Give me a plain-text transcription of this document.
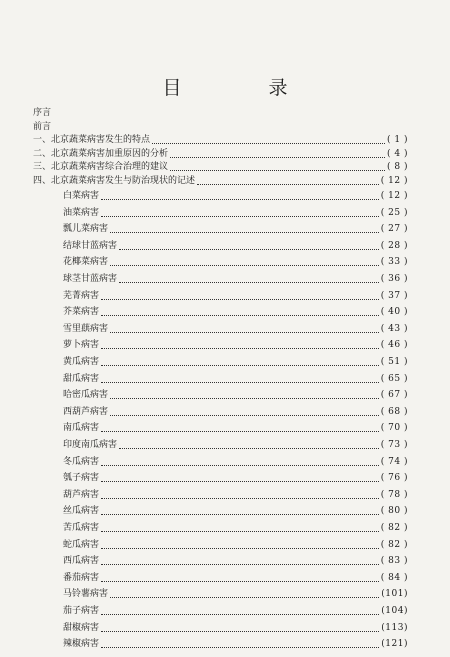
目　录
序言
前言
一、 北京蔬菜病害发生的特点	( 1 )
二、 北京蔬菜病害加重原因的分析	( 4 )
三、 北京蔬菜病害综合治理的建议	( 8 )
四、 北京蔬菜病害发生与防治现状的记述	( 12 )
白菜病害	( 12 )
油菜病害	( 25 )
瓢儿菜病害	( 27 )
结球甘蓝病害	( 28 )
花椰菜病害	( 33 )
球茎甘蓝病害	( 36 )
芜菁病害	( 37 )
芥菜病害	( 40 )
雪里蕻病害	( 43 )
萝卜病害	( 46 )
黄瓜病害	( 51 )
甜瓜病害	( 65 )
哈密瓜病害	( 67 )
西葫芦病害	( 68 )
南瓜病害	( 70 )
印度南瓜病害	( 73 )
冬瓜病害	( 74 )
瓠子病害	( 76 )
葫芦病害	( 78 )
丝瓜病害	( 80 )
苦瓜病害	( 82 )
蛇瓜病害	( 82 )
西瓜病害	( 83 )
番茄病害	( 84 )
马铃薯病害	(101)
茄子病害	(104)
甜椒病害	(113)
辣椒病害	(121)
